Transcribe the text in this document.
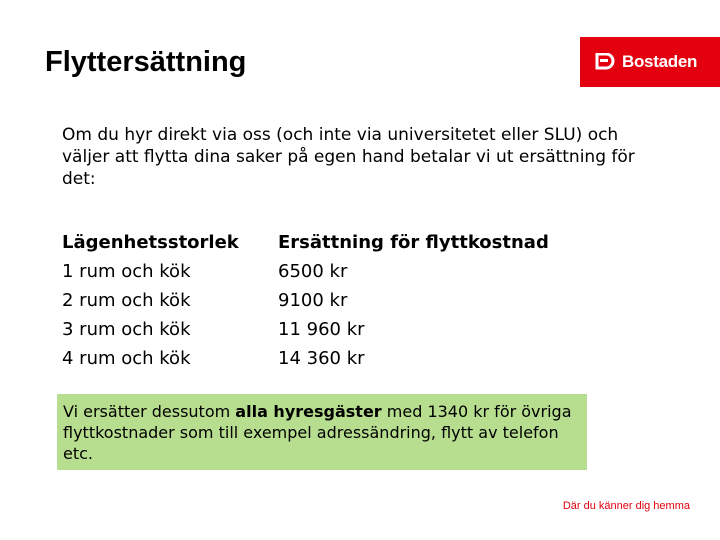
Flyttersättning	Bostaden

Om du hyr direkt via oss (och inte via universitetet eller SLU) och väljer att flytta dina saker på egen hand betalar vi ut ersättning för det:

Lägenhetsstorlek	Ersättning för flyttkostnad
1 rum och kök	6500 kr
2 rum och kök	9100 kr
3 rum och kök	11 960 kr
4 rum och kök	14 360 kr
Vi ersätter dessutom alla hyresgäster med 1340 kr för övriga flyttkostnader som till exempel adressändring, flytt av telefon etc.
Där du känner dig hemma
